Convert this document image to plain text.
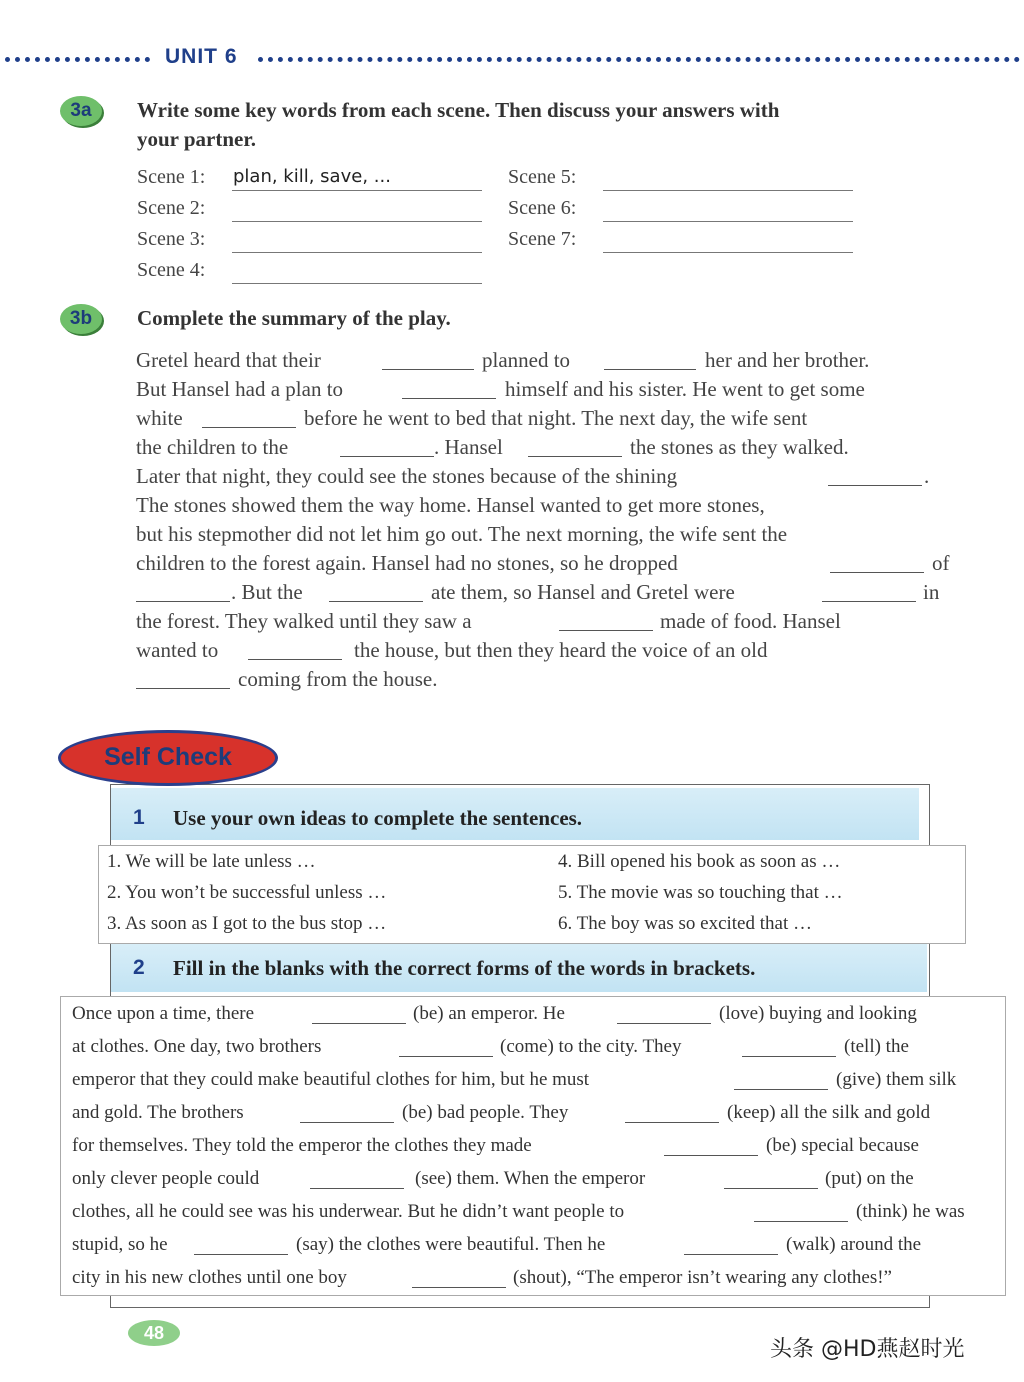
UNIT 6
3a	Write some key words from each scene. Then discuss your answers with
your partner.
Scene 1: plan, kill, save, ...
Scene 2:
Scene 3:
Scene 4:
Scene 5:
Scene 6:
Scene 7:
3b	Complete the summary of the play.
Gretel heard that their	planned to	her and her brother.
But Hansel had a plan to	himself and his sister. He went to get some
white	before he went to bed that night. The next day, the wife sent
the children to the	. Hansel	the stones as they walked.
Later that night, they could see the stones because of the shining	.
The stones showed them the way home. Hansel wanted to get more stones,
but his stepmother did not let him go out. The next morning, the wife sent the
children to the forest again. Hansel had no stones, so he dropped	of
. But the	ate them, so Hansel and Gretel were	in
the forest. They walked until they saw a	made of food. Hansel
wanted to	the house, but then they heard the voice of an old
coming from the house.
Self Check
1 Use your own ideas to complete the sentences.
1. We will be late unless …
2. You won’t be successful unless …
3. As soon as I got to the bus stop …
4. Bill opened his book as soon as …
5. The movie was so touching that …
6. The boy was so excited that …
2 Fill in the blanks with the correct forms of the words in brackets.
Once upon a time, there	(be) an emperor. He	(love) buying and looking
at clothes. One day, two brothers	(come) to the city. They	(tell) the
emperor that they could make beautiful clothes for him, but he must	(give) them silk
and gold. The brothers	(be) bad people. They	(keep) all the silk and gold
for themselves. They told the emperor the clothes they made	(be) special because
only clever people could	(see) them. When the emperor	(put) on the
clothes, all he could see was his underwear. But he didn’t want people to	(think) he was
stupid, so he	(say) the clothes were beautiful. Then he	(walk) around the
city in his new clothes until one boy	(shout), “The emperor isn’t wearing any clothes!”
48
头条 @HD燕赵时光
